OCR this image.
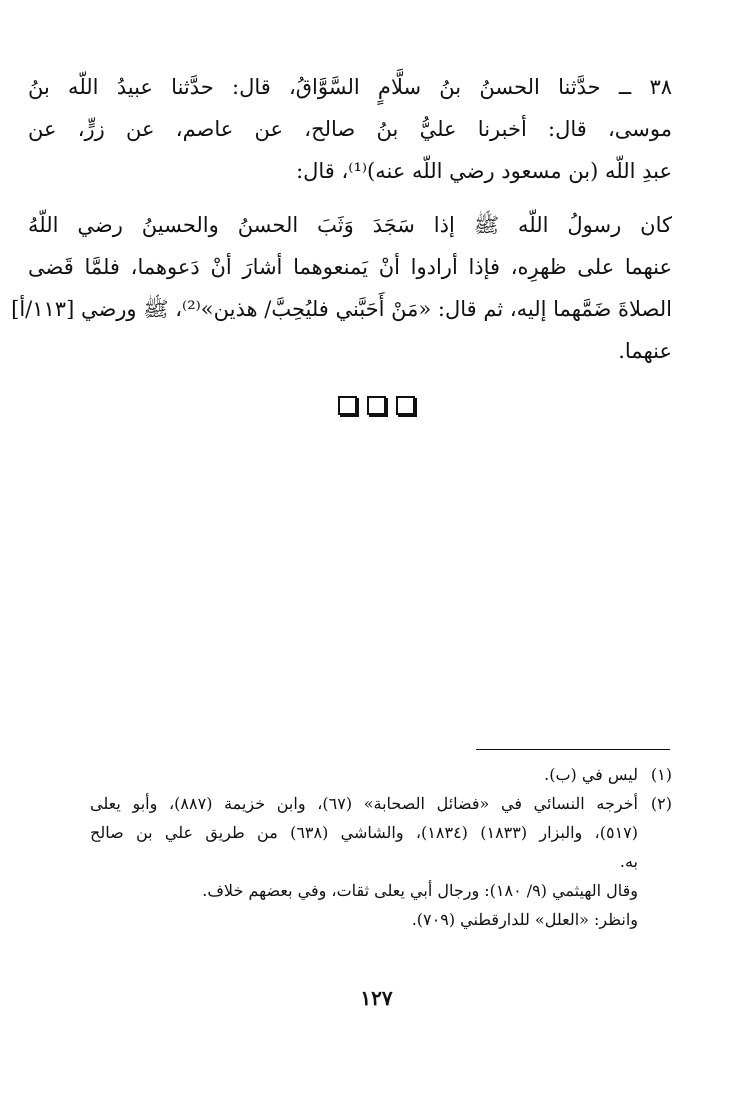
٣٨ ــ حدَّثنا الحسنُ بنُ سلَّامٍ السَّوَّاقُ، قال: حدَّثنا عبيدُ اللّه بنُ
موسى، قال: أخبرنا عليُّ بنُ صالح، عن عاصم، عن زرٍّ، عن
عبدِ اللّه (بن مسعود رضي اللّه عنه)⁽¹⁾، قال:
كان رسولُ اللّه ﷺ إذا سَجَدَ وَثَبَ الحسنُ والحسينُ رضي اللّهُ
عنهما على ظهرِه، فإذا أرادوا أنْ يَمنعوهما أشارَ أنْ دَعوهما، فلمَّا قَضى
الصلاةَ ضَمَّهما إليه، ثم قال: «مَنْ أَحَبَّني فليُحِبَّ/ هذين»⁽²⁾، ﷺ ورضي [١١٣/أ]
عنهما.
(١)ليس في (ب).
(٢)أخرجه النسائي في «فضائل الصحابة» (٦٧)، وابن خزيمة (٨٨٧)، وأبو يعلى
(٥١٧)، والبزار (١٨٣٣) (١٨٣٤)، والشاشي (٦٣٨) من طريق علي بن صالح
به.
وقال الهيثمي (٩/ ١٨٠): ورجال أبي يعلى ثقات، وفي بعضهم خلاف.
وانظر: «العلل» للدارقطني (٧٠٩).
١٢٧
